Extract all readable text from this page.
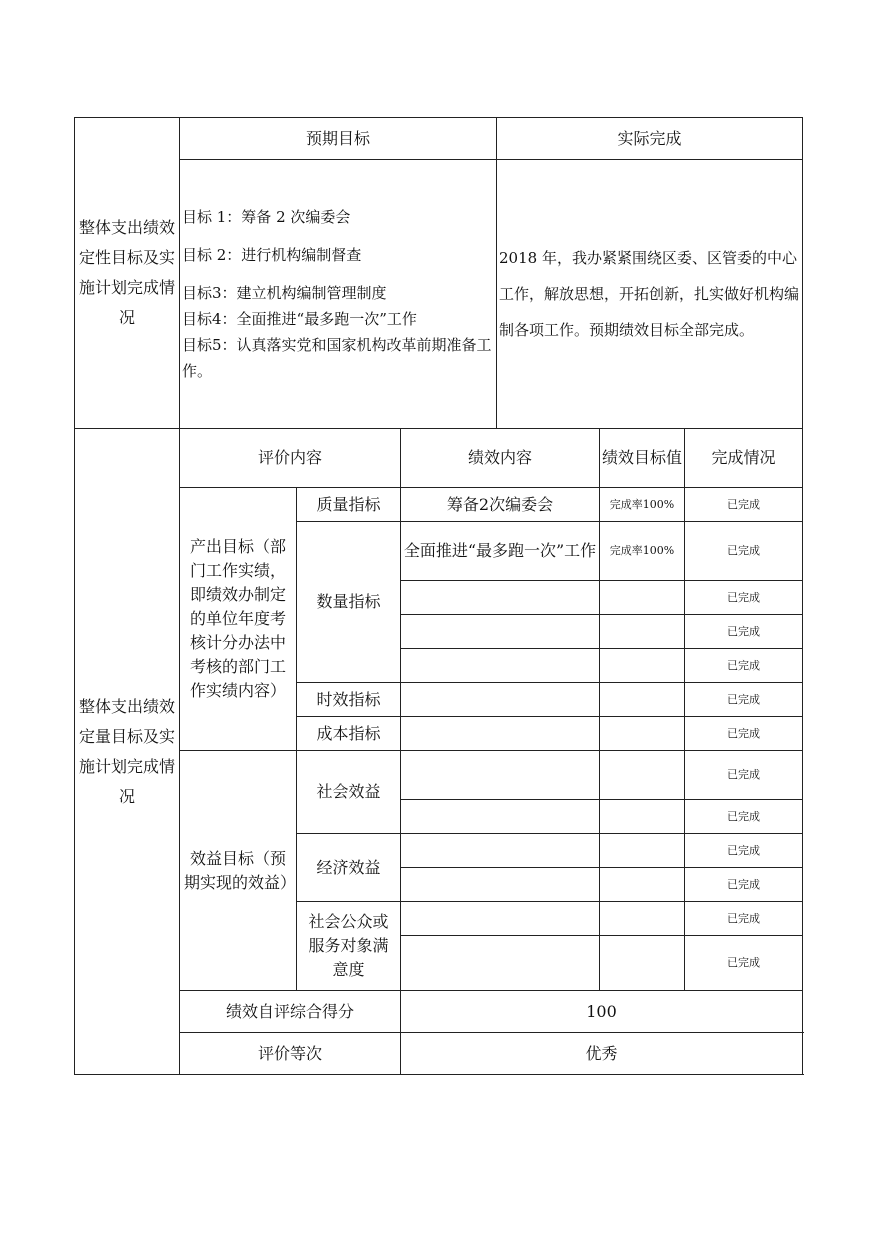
整体支出绩效定性目标及实施计划完成情况	预期目标			实际完成		

	目标 1：筹备 2 次编委会
目标 2：进行机构编制督查
目标3：建立机构编制管理制度
目标4：全面推进“最多跑一次”工作
目标5：认真落实党和国家机构改革前期准备工作。			2018 年，我办紧紧围绕区委、区管委的中心工作，解放思想，开拓创新，扎实做好机构编制各项工作。预期绩效目标全部完成。		
整体支出绩效定量目标及实施计划完成情况	评价内容		绩效内容		绩效目标值	完成情况
	产出目标（部门工作实绩，即绩效办制定的单位年度考核计分办法中考核的部门工作实绩内容）	质量指标	筹备2次编委会		完成率100%	已完成
		数量指标	全面推进“最多跑一次”工作		完成率100%	已完成
						已完成
						已完成
						已完成
		时效指标				已完成
		成本指标				已完成
	效益目标（预期实现的效益）	社会效益				已完成
						已完成
		经济效益				已完成
						已完成
		社会公众或服务对象满意度				已完成
						已完成
	绩效自评综合得分		100			
	评价等次		优秀			
